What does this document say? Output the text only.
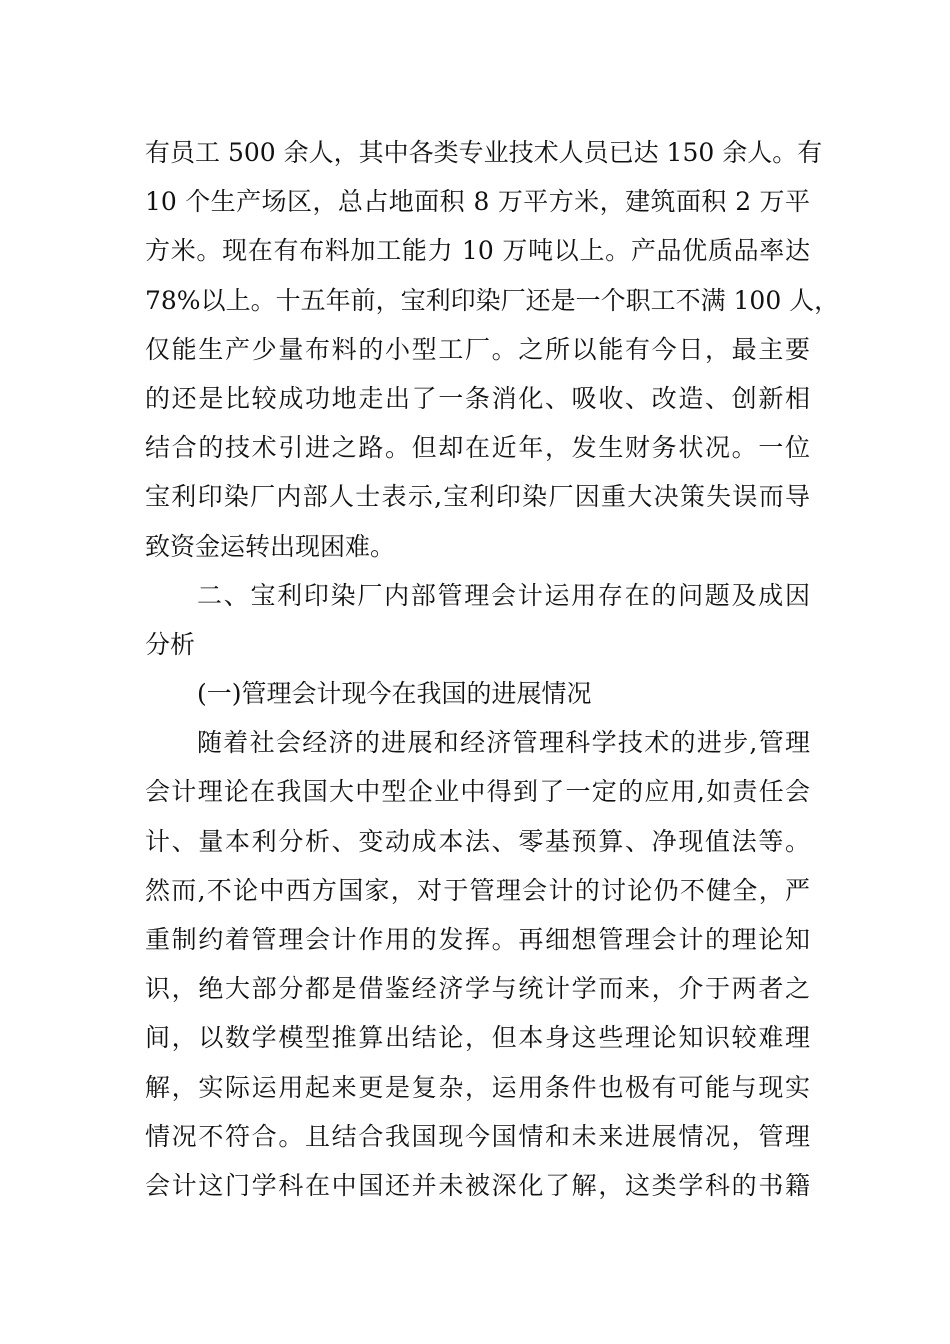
有员工 500 余人，其中各类专业技术人员已达 150 余人。有
10 个生产场区，总占地面积 8 万平方米，建筑面积 2 万平
方米。现在有布料加工能力 10 万吨以上。产品优质品率达
78%以上。十五年前，宝利印染厂还是一个职工不满 100 人，
仅能生产少量布料的小型工厂。之所以能有今日，最主要
的还是比较成功地走出了一条消化、吸收、改造、创新相
结合的技术引进之路。但却在近年，发生财务状况。一位
宝利印染厂内部人士表示,宝利印染厂因重大决策失误而导
致资金运转出现困难。
二、宝利印染厂内部管理会计运用存在的问题及成因
分析
(一)管理会计现今在我国的进展情况
随着社会经济的进展和经济管理科学技术的进步,管理
会计理论在我国大中型企业中得到了一定的应用,如责任会
计、量本利分析、变动成本法、零基预算、净现值法等。
然而,不论中西方国家，对于管理会计的讨论仍不健全，严
重制约着管理会计作用的发挥。再细想管理会计的理论知
识，绝大部分都是借鉴经济学与统计学而来，介于两者之
间，以数学模型推算出结论，但本身这些理论知识较难理
解，实际运用起来更是复杂，运用条件也极有可能与现实
情况不符合。且结合我国现今国情和未来进展情况，管理
会计这门学科在中国还并未被深化了解，这类学科的书籍
